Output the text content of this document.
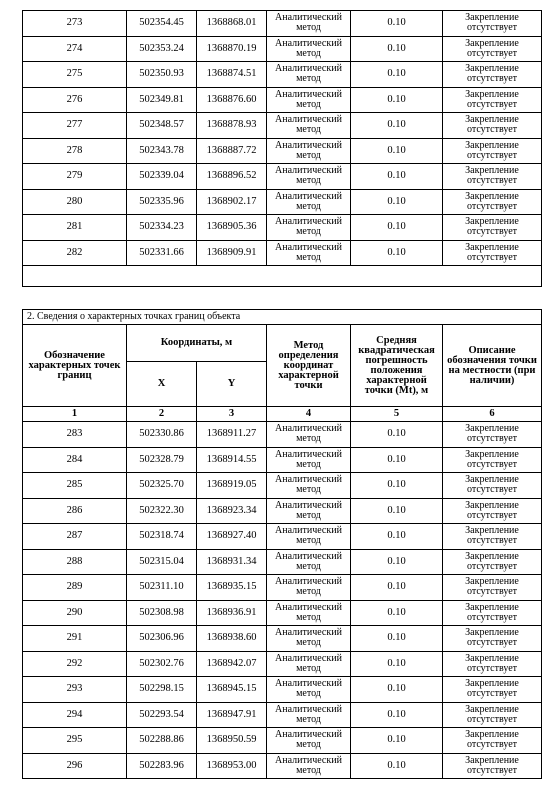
273	502354.45	1368868.01	Аналитический метод	0.10	Закрепление отсутствует
274	502353.24	1368870.19	Аналитический метод	0.10	Закрепление отсутствует
275	502350.93	1368874.51	Аналитический метод	0.10	Закрепление отсутствует
276	502349.81	1368876.60	Аналитический метод	0.10	Закрепление отсутствует
277	502348.57	1368878.93	Аналитический метод	0.10	Закрепление отсутствует
278	502343.78	1368887.72	Аналитический метод	0.10	Закрепление отсутствует
279	502339.04	1368896.52	Аналитический метод	0.10	Закрепление отсутствует
280	502335.96	1368902.17	Аналитический метод	0.10	Закрепление отсутствует
281	502334.23	1368905.36	Аналитический метод	0.10	Закрепление отсутствует
282	502331.66	1368909.91	Аналитический метод	0.10	Закрепление отсутствует

2. Сведения о характерных точках границ объекта					
Обозначение характерных точек границ	Координаты, м		Метод определения координат характерной точки	Средняя квадратическая погрешность положения характерной точки (Mt), м	Описание обозначения точки на местности (при наличии)
	X	Y			
1	2	3	4	5	6
283	502330.86	1368911.27	Аналитический метод	0.10	Закрепление отсутствует
284	502328.79	1368914.55	Аналитический метод	0.10	Закрепление отсутствует
285	502325.70	1368919.05	Аналитический метод	0.10	Закрепление отсутствует
286	502322.30	1368923.34	Аналитический метод	0.10	Закрепление отсутствует
287	502318.74	1368927.40	Аналитический метод	0.10	Закрепление отсутствует
288	502315.04	1368931.34	Аналитический метод	0.10	Закрепление отсутствует
289	502311.10	1368935.15	Аналитический метод	0.10	Закрепление отсутствует
290	502308.98	1368936.91	Аналитический метод	0.10	Закрепление отсутствует
291	502306.96	1368938.60	Аналитический метод	0.10	Закрепление отсутствует
292	502302.76	1368942.07	Аналитический метод	0.10	Закрепление отсутствует
293	502298.15	1368945.15	Аналитический метод	0.10	Закрепление отсутствует
294	502293.54	1368947.91	Аналитический метод	0.10	Закрепление отсутствует
295	502288.86	1368950.59	Аналитический метод	0.10	Закрепление отсутствует
296	502283.96	1368953.00	Аналитический метод	0.10	Закрепление отсутствует
